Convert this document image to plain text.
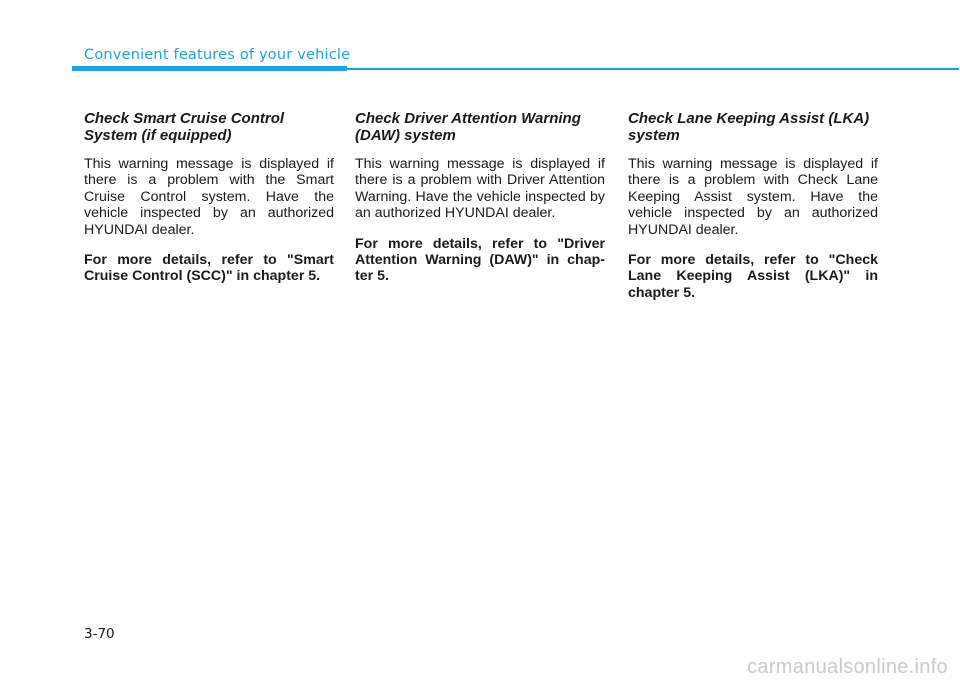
Convenient features of your vehicle
Check Smart Cruise Control System (if equipped)

This warning message is displayed if there is a problem with the Smart Cruise Control system. Have the vehicle inspected by an authorized HYUNDAI dealer.

For more details, refer to "Smart Cruise Control (SCC)" in chapter 5.

Check Driver Attention Warning (DAW) system

This warning message is displayed if there is a problem with Driver Attention Warning. Have the vehicle inspected by an authorized HYUNDAI dealer.

For more details, refer to "Driver Attention Warning (DAW)" in chap-ter 5.

Check Lane Keeping Assist (LKA) system

This warning message is displayed if there is a problem with Check Lane Keeping Assist system. Have the vehicle inspected by an authorized HYUNDAI dealer.

For more details, refer to "Check Lane Keeping Assist (LKA)" in chapter 5.

3-70
carmanualsonline.info
